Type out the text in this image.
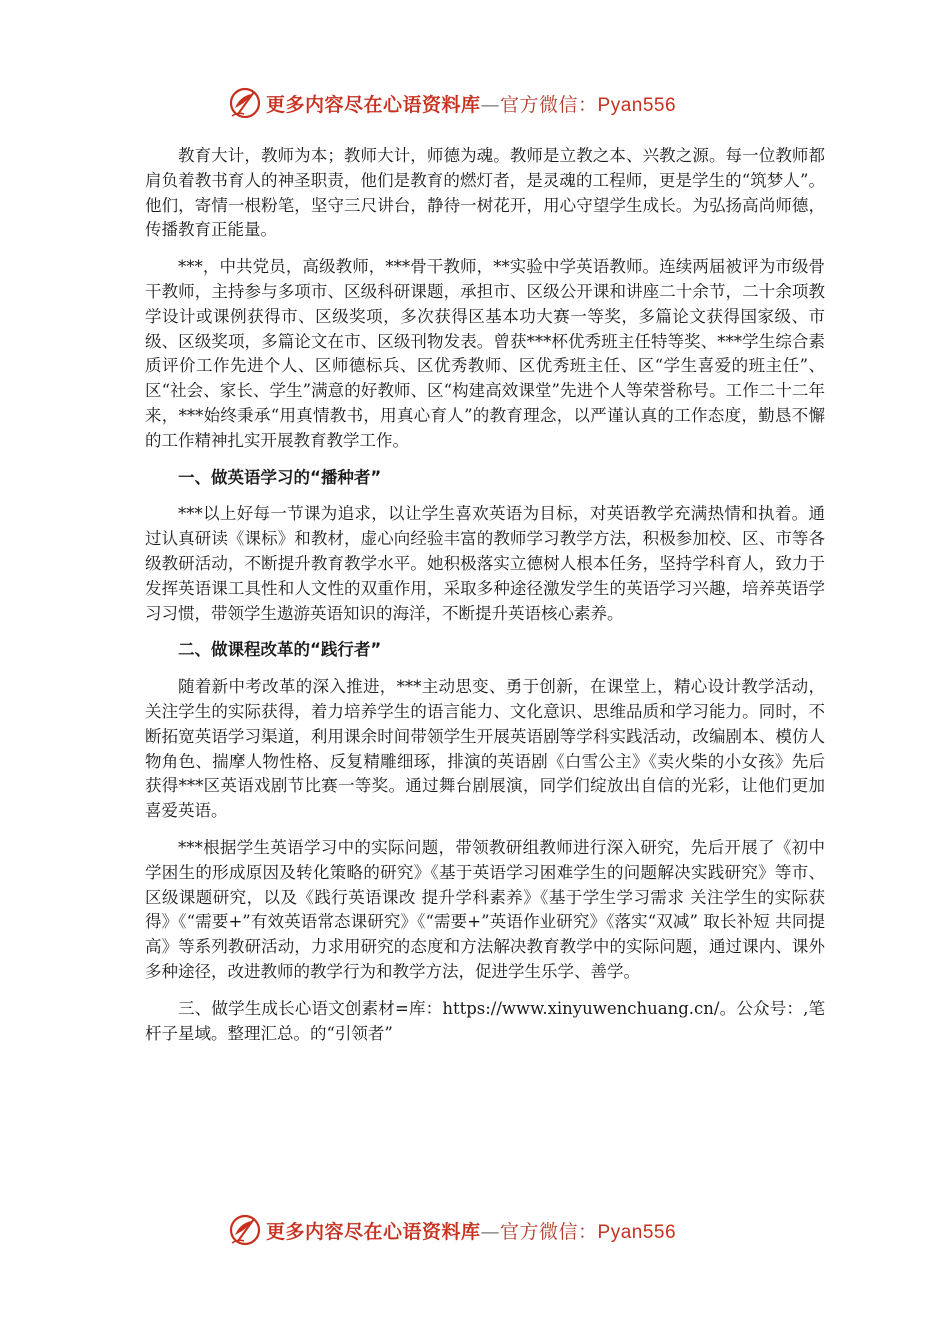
更多内容尽在心语资料库—官方微信：Pyan556

教育大计，教师为本；教师大计，师德为魂。教师是立教之本、兴教之源。每一位教师都肩负着教书育人的神圣职责，他们是教育的燃灯者，是灵魂的工程师，更是学生的“筑梦人”。他们，寄情一根粉笔，坚守三尺讲台，静待一树花开，用心守望学生成长。为弘扬高尚师德，传播教育正能量。

***，中共党员，高级教师，***骨干教师，**实验中学英语教师。连续两届被评为市级骨干教师，主持参与多项市、区级科研课题，承担市、区级公开课和讲座二十余节，二十余项教学设计或课例获得市、区级奖项，多次获得区基本功大赛一等奖，多篇论文获得国家级、市级、区级奖项，多篇论文在市、区级刊物发表。曾获***杯优秀班主任特等奖、***学生综合素质评价工作先进个人、区师德标兵、区优秀教师、区优秀班主任、区“学生喜爱的班主任”、区“社会、家长、学生”满意的好教师、区“构建高效课堂”先进个人等荣誉称号。工作二十二年来，***始终秉承“用真情教书，用真心育人”的教育理念，以严谨认真的工作态度，勤恳不懈的工作精神扎实开展教育教学工作。

一、做英语学习的“播种者”

***以上好每一节课为追求，以让学生喜欢英语为目标，对英语教学充满热情和执着。通过认真研读《课标》和教材，虚心向经验丰富的教师学习教学方法，积极参加校、区、市等各级教研活动，不断提升教育教学水平。她积极落实立德树人根本任务，坚持学科育人，致力于发挥英语课工具性和人文性的双重作用，采取多种途径激发学生的英语学习兴趣，培养英语学习习惯，带领学生遨游英语知识的海洋，不断提升英语核心素养。

二、做课程改革的“践行者”

随着新中考改革的深入推进，***主动思变、勇于创新，在课堂上，精心设计教学活动，关注学生的实际获得，着力培养学生的语言能力、文化意识、思维品质和学习能力。同时，不断拓宽英语学习渠道，利用课余时间带领学生开展英语剧等学科实践活动，改编剧本、模仿人物角色、揣摩人物性格、反复精雕细琢，排演的英语剧《白雪公主》《卖火柴的小女孩》先后获得***区英语戏剧节比赛一等奖。通过舞台剧展演，同学们绽放出自信的光彩，让他们更加喜爱英语。

***根据学生英语学习中的实际问题，带领教研组教师进行深入研究，先后开展了《初中学困生的形成原因及转化策略的研究》《基于英语学习困难学生的问题解决实践研究》等市、区级课题研究，以及《践行英语课改 提升学科素养》《基于学生学习需求 关注学生的实际获得》《“需要+”有效英语常态课研究》《“需要+”英语作业研究》《落实“双减” 取长补短 共同提高》等系列教研活动，力求用研究的态度和方法解决教育教学中的实际问题，通过课内、课外多种途径，改进教师的教学行为和教学方法，促进学生乐学、善学。

三、做学生成长心语文创素材=库：https://www.xinyuwenchuang.cn/。公众号：,笔杆子星域。整理汇总。的“引领者”

更多内容尽在心语资料库—官方微信：Pyan556
